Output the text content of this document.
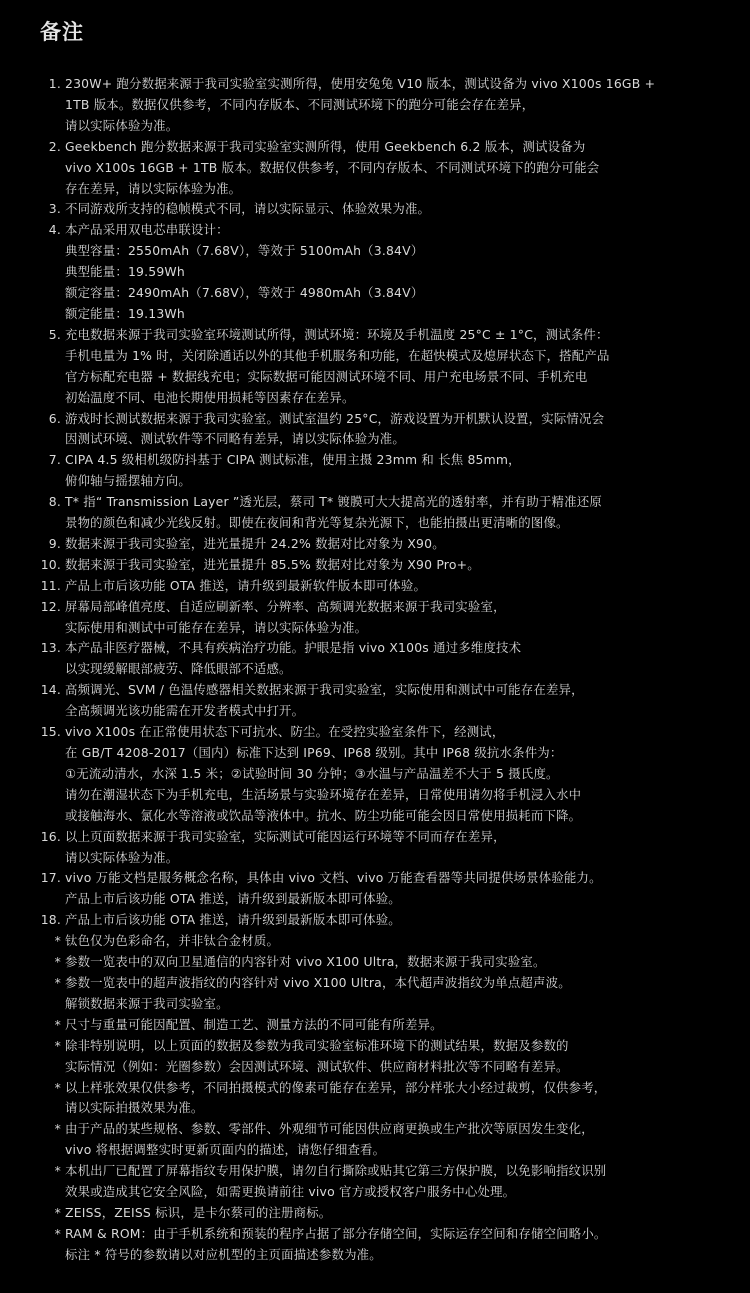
备注
1. 230W+ 跑分数据来源于我司实验室实测所得，使用安兔兔 V10 版本，测试设备为 vivo X100s 16GB +
1TB 版本。数据仅供参考，不同内存版本、不同测试环境下的跑分可能会存在差异，
请以实际体验为准。
2. Geekbench 跑分数据来源于我司实验室实测所得，使用 Geekbench 6.2 版本，测试设备为
vivo X100s 16GB + 1TB 版本。数据仅供参考，不同内存版本、不同测试环境下的跑分可能会
存在差异，请以实际体验为准。
3. 不同游戏所支持的稳帧模式不同，请以实际显示、体验效果为准。
4. 本产品采用双电芯串联设计：
典型容量：2550mAh（7.68V），等效于 5100mAh（3.84V）
典型能量：19.59Wh
额定容量：2490mAh（7.68V），等效于 4980mAh（3.84V）
额定能量：19.13Wh
5. 充电数据来源于我司实验室环境测试所得，测试环境：环境及手机温度 25°C ± 1°C，测试条件：
手机电量为 1% 时，关闭除通话以外的其他手机服务和功能，在超快模式及熄屏状态下，搭配产品
官方标配充电器 + 数据线充电；实际数据可能因测试环境不同、用户充电场景不同、手机充电
初始温度不同、电池长期使用损耗等因素存在差异。
6. 游戏时长测试数据来源于我司实验室。测试室温约 25°C，游戏设置为开机默认设置，实际情况会
因测试环境、测试软件等不同略有差异，请以实际体验为准。
7. CIPA 4.5 级相机级防抖基于 CIPA 测试标准，使用主摄 23mm 和 长焦 85mm，
俯仰轴与摇摆轴方向。
8. T* 指“ Transmission Layer ”透光层，蔡司 T* 镀膜可大大提高光的透射率，并有助于精准还原
景物的颜色和减少光线反射。即使在夜间和背光等复杂光源下，也能拍摄出更清晰的图像。
9. 数据来源于我司实验室，进光量提升 24.2% 数据对比对象为 X90。
10. 数据来源于我司实验室，进光量提升 85.5% 数据对比对象为 X90 Pro+。
11. 产品上市后该功能 OTA 推送，请升级到最新软件版本即可体验。
12. 屏幕局部峰值亮度、自适应刷新率、分辨率、高频调光数据来源于我司实验室，
实际使用和测试中可能存在差异，请以实际体验为准。
13. 本产品非医疗器械，不具有疾病治疗功能。护眼是指 vivo X100s 通过多维度技术
以实现缓解眼部疲劳、降低眼部不适感。
14. 高频调光、SVM / 色温传感器相关数据来源于我司实验室，实际使用和测试中可能存在差异，
全高频调光该功能需在开发者模式中打开。
15. vivo X100s 在正常使用状态下可抗水、防尘。在受控实验室条件下，经测试，
在 GB/T 4208-2017（国内）标准下达到 IP69、IP68 级别。其中 IP68 级抗水条件为：
①无流动清水，水深 1.5 米；②试验时间 30 分钟；③水温与产品温差不大于 5 摄氏度。
请勿在潮湿状态下为手机充电，生活场景与实验环境存在差异，日常使用请勿将手机浸入水中
或接触海水、氯化水等溶液或饮品等液体中。抗水、防尘功能可能会因日常使用损耗而下降。
16. 以上页面数据来源于我司实验室，实际测试可能因运行环境等不同而存在差异，
请以实际体验为准。
17. vivo 万能文档是服务概念名称，具体由 vivo 文档、vivo 万能查看器等共同提供场景体验能力。
产品上市后该功能 OTA 推送，请升级到最新版本即可体验。
18. 产品上市后该功能 OTA 推送，请升级到最新版本即可体验。
* 钛色仅为色彩命名，并非钛合金材质。
* 参数一览表中的双向卫星通信的内容针对 vivo X100 Ultra，数据来源于我司实验室。
* 参数一览表中的超声波指纹的内容针对 vivo X100 Ultra，本代超声波指纹为单点超声波。
解锁数据来源于我司实验室。
* 尺寸与重量可能因配置、制造工艺、测量方法的不同可能有所差异。
* 除非特别说明，以上页面的数据及参数为我司实验室标准环境下的测试结果，数据及参数的
实际情况（例如：光圈参数）会因测试环境、测试软件、供应商材料批次等不同略有差异。
* 以上样张效果仅供参考，不同拍摄模式的像素可能存在差异，部分样张大小经过裁剪，仅供参考，
请以实际拍摄效果为准。
* 由于产品的某些规格、参数、零部件、外观细节可能因供应商更换或生产批次等原因发生变化，
vivo 将根据调整实时更新页面内的描述，请您仔细查看。
* 本机出厂已配置了屏幕指纹专用保护膜，请勿自行撕除或贴其它第三方保护膜，以免影响指纹识别
效果或造成其它安全风险，如需更换请前往 vivo 官方或授权客户服务中心处理。
* ZEISS，ZEISS 标识，是卡尔蔡司的注册商标。
* RAM & ROM：由于手机系统和预装的程序占据了部分存储空间，实际运存空间和存储空间略小。
标注 * 符号的参数请以对应机型的主页面描述参数为准。
